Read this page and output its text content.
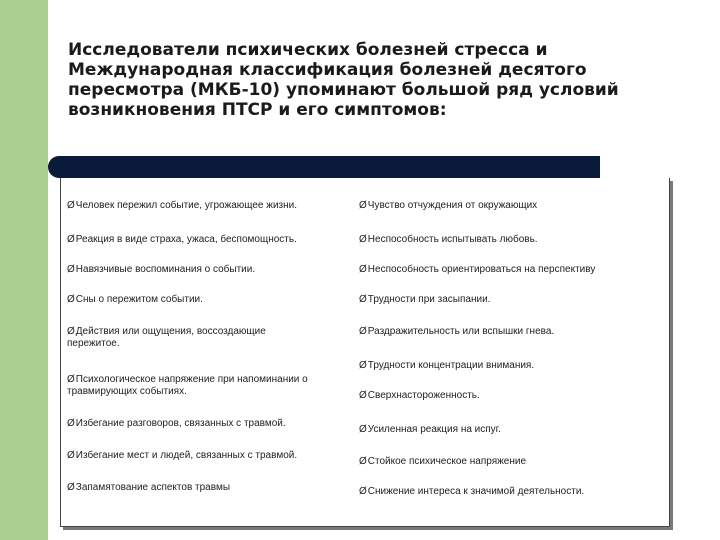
Исследователи психических болезней стресса и Международная классификация болезней десятого пересмотра (МКБ-10) упоминают большой ряд условий возникновения ПТСР и его симптомов:
ØЧеловек пережил событие, угрожающее жизни.
ØРеакция в виде страха, ужаса, беспомощность.
ØНавязчивые воспоминания о событии.
ØСны о пережитом событии.
ØДействия или ощущения, воссоздающие пережитое.
ØПсихологическое напряжение при напоминании о травмирующих событиях.
ØИзбегание разговоров, связанных с травмой.
ØИзбегание мест и людей, связанных с травмой.
ØЗапамятование аспектов травмы
ØЧувство отчуждения от окружающих
ØНеспособность испытывать любовь.
ØНеспособность ориентироваться на перспективу
ØТрудности при засыпании.
ØРаздражительность или вспышки гнева.
ØТрудности концентрации внимания.
ØСверхнастороженность.
ØУсиленная реакция на испуг.
ØСтойкое психическое напряжение
ØСнижение интереса к значимой деятельности.
